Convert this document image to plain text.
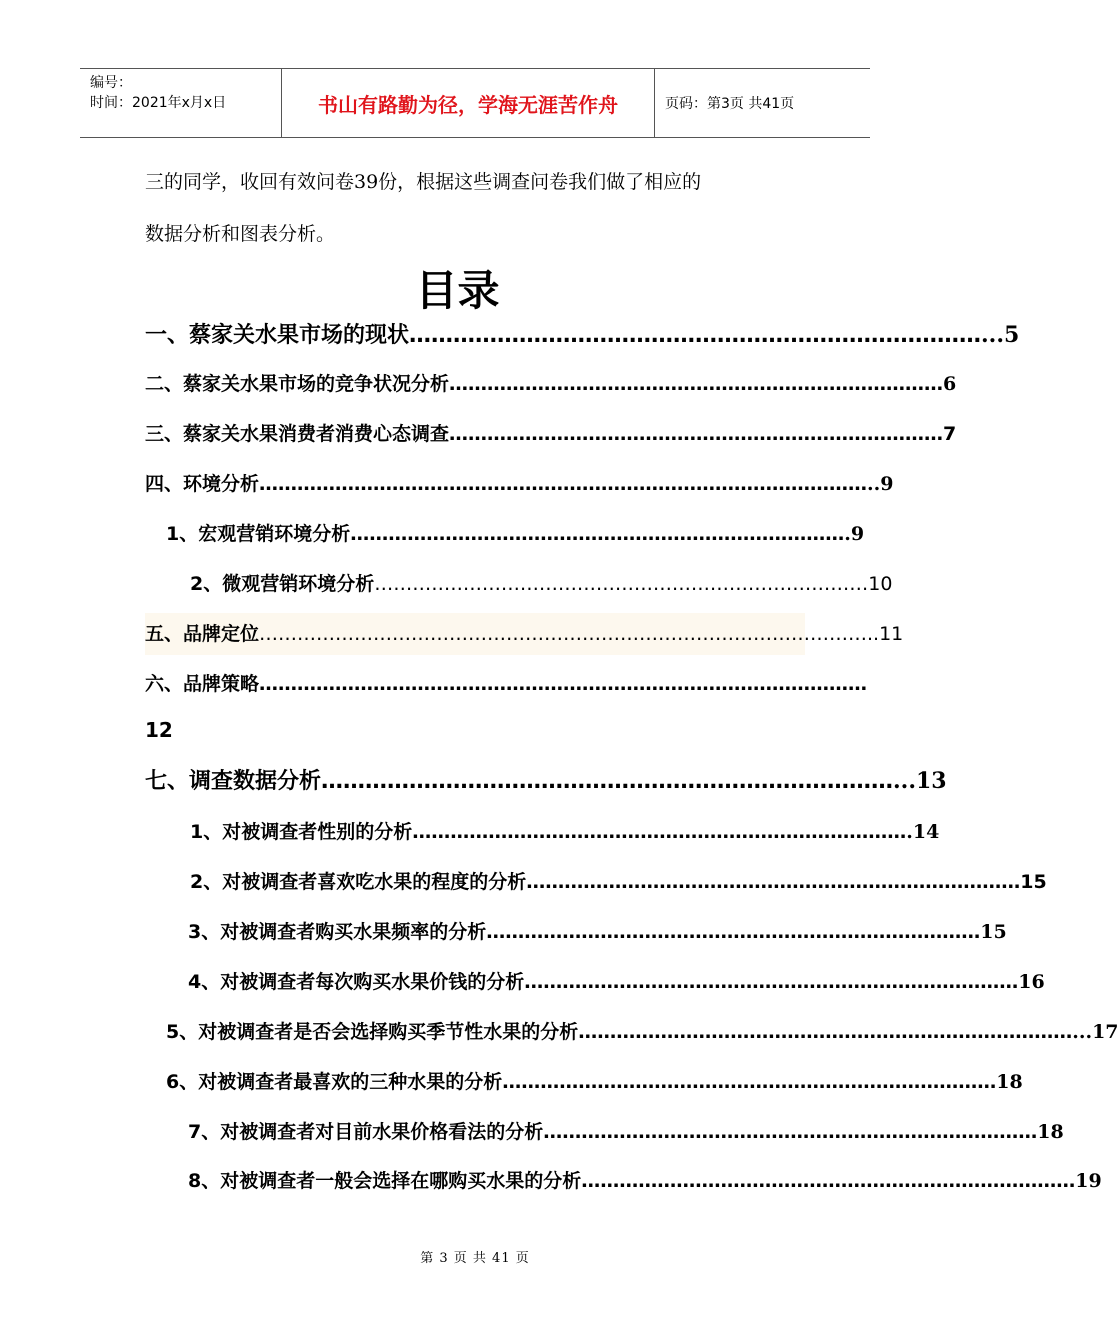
编号：
时间：2021年x月x日	书山有路勤为径，学海无涯苦作舟	页码：第3页 共41页
三的同学，收回有效问卷39份，根据这些调查问卷我们做了相应的
数据分析和图表分析。
目录
一、蔡家关水果市场的现状 …………………………………………………………………… ...5
二、蔡家关水果市场的竞争状况分析 …………………………………………………………………… 6
三、蔡家关水果消费者消费心态调查 …………………………………………………………………… 7
四、环境分析 …………………………………………………………………………………… ..9
1、宏观营销环境分析 …………………………………………………………………… .9
2、微观营销环境分析 …………………………………………………………………… 10
五、品牌定位 …………………………………………………………………………………… ..11
六、品牌策略 ……………………………………………………………………………………
12
七、调查数据分析 …………………………………………………………………… ...13
1、对被调查者性别的分析 …………………………………………………………………… .14
2、对被调查者喜欢吃水果的程度的分析 …………………………………………………………………… 15
3、对被调查者购买水果频率的分析 …………………………………………………………………… 15
4、对被调查者每次购买水果价钱的分析 …………………………………………………………………… 16
5、对被调查者是否会选择购买季节性水果的分析 …………………………………………………………………… ...17
6、对被调查者最喜欢的三种水果的分析 …………………………………………………………………… 18
7、对被调查者对目前水果价格看法的分析 …………………………………………………………………… 18
8、对被调查者一般会选择在哪购买水果的分析 …………………………………………………………………… 19
第 3 页 共 41 页
